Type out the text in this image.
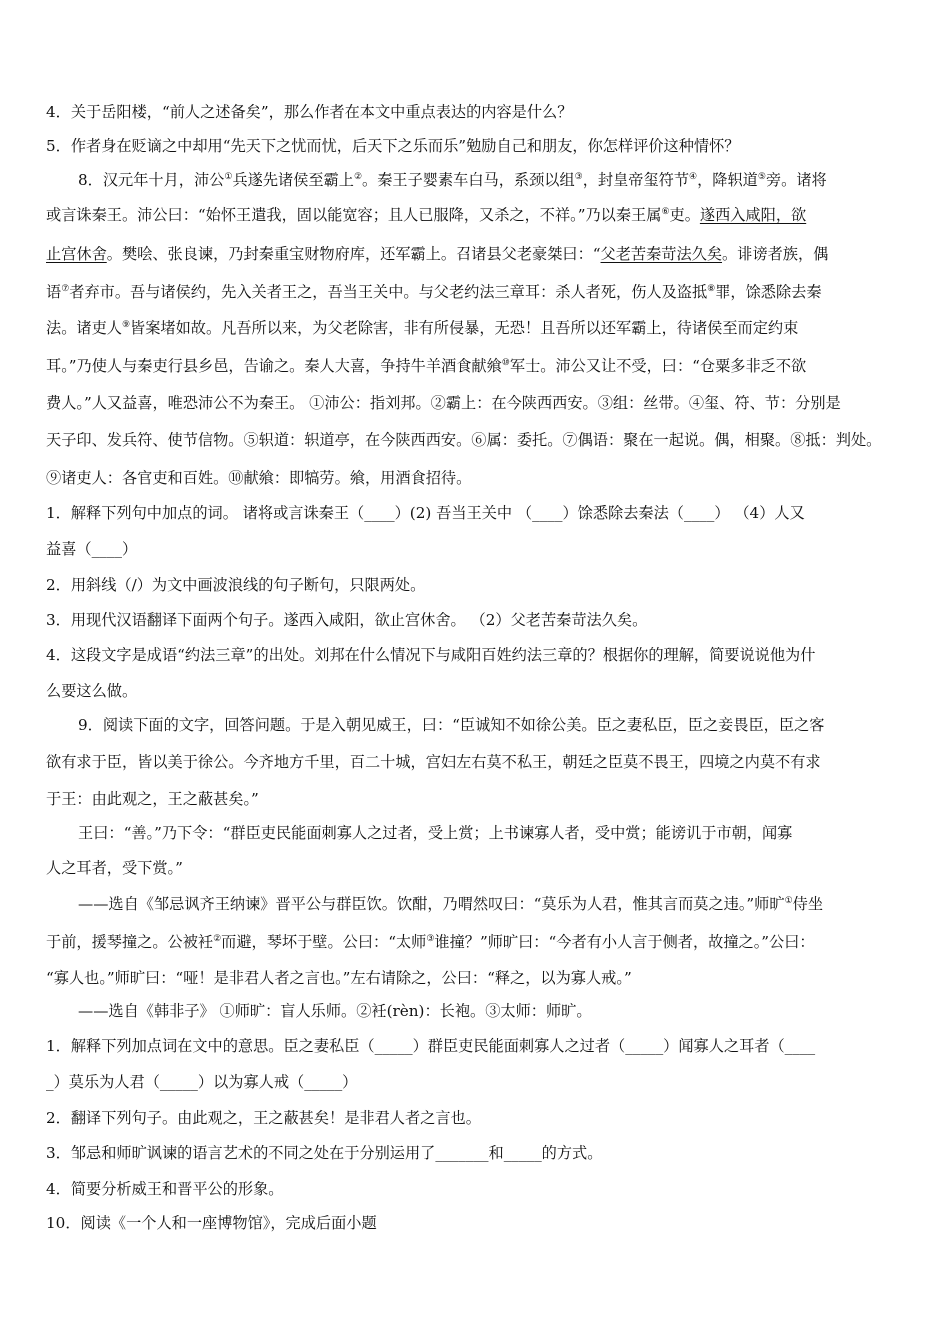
4．关于岳阳楼，“前人之述备矣”，那么作者在本文中重点表达的内容是什么？
5．作者身在贬谪之中却用“先天下之忧而忧，后天下之乐而乐”勉励自己和朋友，你怎样评价这种情怀？
8．汉元年十月，沛公①兵遂先诸侯至霸上②。秦王子婴素车白马，系颈以组③，封皇帝玺符节④，降轵道⑤旁。诸将
或言诛秦王。沛公曰：“始怀王遣我，固以能宽容；且人已服降，又杀之，不祥。”乃以秦王属⑥吏。遂西入咸阳，欲
止宫休舍。樊哙、张良谏，乃封秦重宝财物府库，还军霸上。召诸县父老豪桀曰：“父老苦秦苛法久矣。诽谤者族，偶
语⑦者弃市。吾与诸侯约，先入关者王之，吾当王关中。与父老约法三章耳：杀人者死，伤人及盗抵⑧罪，馀悉除去秦
法。诸吏人⑨皆案堵如故。凡吾所以来，为父老除害，非有所侵暴，无恐！且吾所以还军霸上，待诸侯至而定约束
耳。”乃使人与秦吏行县乡邑，告谕之。秦人大喜，争持牛羊酒食献飨⑩军士。沛公又让不受，曰：“仓粟多非乏不欲
费人。”人又益喜，唯恐沛公不为秦王。 ①沛公：指刘邦。②霸上：在今陕西西安。③组：丝带。④玺、符、节：分别是
天子印、发兵符、使节信物。⑤轵道：轵道亭，在今陕西西安。⑥属：委托。⑦偶语：聚在一起说。偶，相聚。⑧抵：判处。
⑨诸吏人：各官吏和百姓。⑩献飨：即犒劳。飨，用酒食招待。
1．解释下列句中加点的词。 诸将或言诛秦王（____）(2) 吾当王关中 （____）馀悉除去秦法（____） （4）人又
益喜（____）
2．用斜线（/）为文中画波浪线的句子断句，只限两处。
3．用现代汉语翻译下面两个句子。遂西入咸阳，欲止宫休舍。 （2）父老苦秦苛法久矣。
4．这段文字是成语“约法三章”的出处。刘邦在什么情况下与咸阳百姓约法三章的？根据你的理解，简要说说他为什
么要这么做。
9．阅读下面的文字，回答问题。于是入朝见威王，曰：“臣诚知不如徐公美。臣之妻私臣，臣之妾畏臣，臣之客
欲有求于臣，皆以美于徐公。今齐地方千里，百二十城，宫妇左右莫不私王，朝廷之臣莫不畏王，四境之内莫不有求
于王：由此观之，王之蔽甚矣。”
王曰：“善。”乃下令：“群臣吏民能面刺寡人之过者，受上赏；上书谏寡人者，受中赏；能谤讥于市朝，闻寡
人之耳者，受下赏。”
——选自《邹忌讽齐王纳谏》晋平公与群臣饮。饮酣，乃喟然叹曰：“莫乐为人君，惟其言而莫之违。”师旷①侍坐
于前，援琴撞之。公被衽②而避，琴坏于壁。公曰：“太师③谁撞？”师旷曰：“今者有小人言于侧者，故撞之。”公曰：
“寡人也。”师旷曰：“哑！是非君人者之言也。”左右请除之，公曰：“释之，以为寡人戒。”
——选自《韩非子》 ①师旷：盲人乐师。②衽(rèn)：长袍。③太师：师旷。
1．解释下列加点词在文中的意思。臣之妻私臣（_____）群臣吏民能面刺寡人之过者（_____）闻寡人之耳者（____
_）莫乐为人君（_____）以为寡人戒（_____）
2．翻译下列句子。由此观之，王之蔽甚矣！是非君人者之言也。
3．邹忌和师旷讽谏的语言艺术的不同之处在于分别运用了_______和_____的方式。
4．简要分析威王和晋平公的形象。
10．阅读《一个人和一座博物馆》，完成后面小题
